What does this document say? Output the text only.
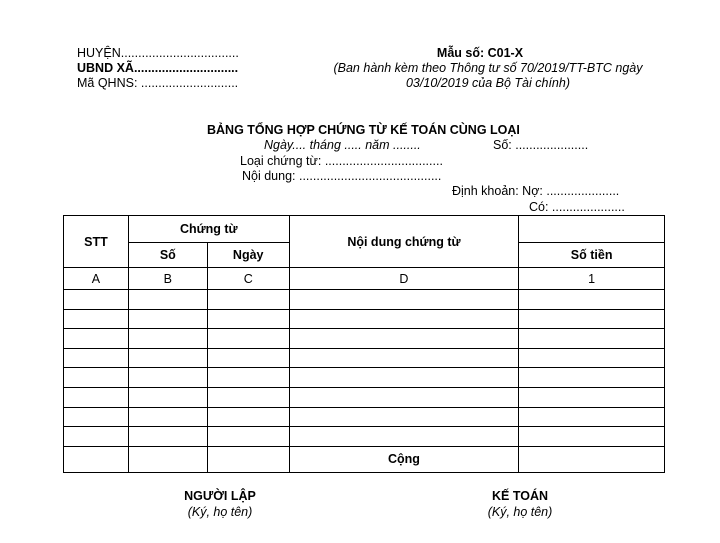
HUYỆN..................................
UBND XÃ..............................
Mã QHNS: ............................
Mẫu số: C01-X
(Ban hành kèm theo Thông tư số 70/2019/TT-BTC ngày
03/10/2019 của Bộ Tài chính)
BẢNG TỔNG HỢP CHỨNG TỪ KẾ TOÁN CÙNG LOẠI
Ngày.... tháng ..... năm ........	Số: .....................
Loại chứng từ: ..................................
Nội dung: .........................................
Định khoản: Nợ: .....................
Có: .....................
STT	Chứng từ		Nội dung chứng từ	
	Số	Ngày		Số tiền
A	B	C	D	1

			Cộng	
NGƯỜI LẬP
(Ký, họ tên)
KẾ TOÁN
(Ký, họ tên)
